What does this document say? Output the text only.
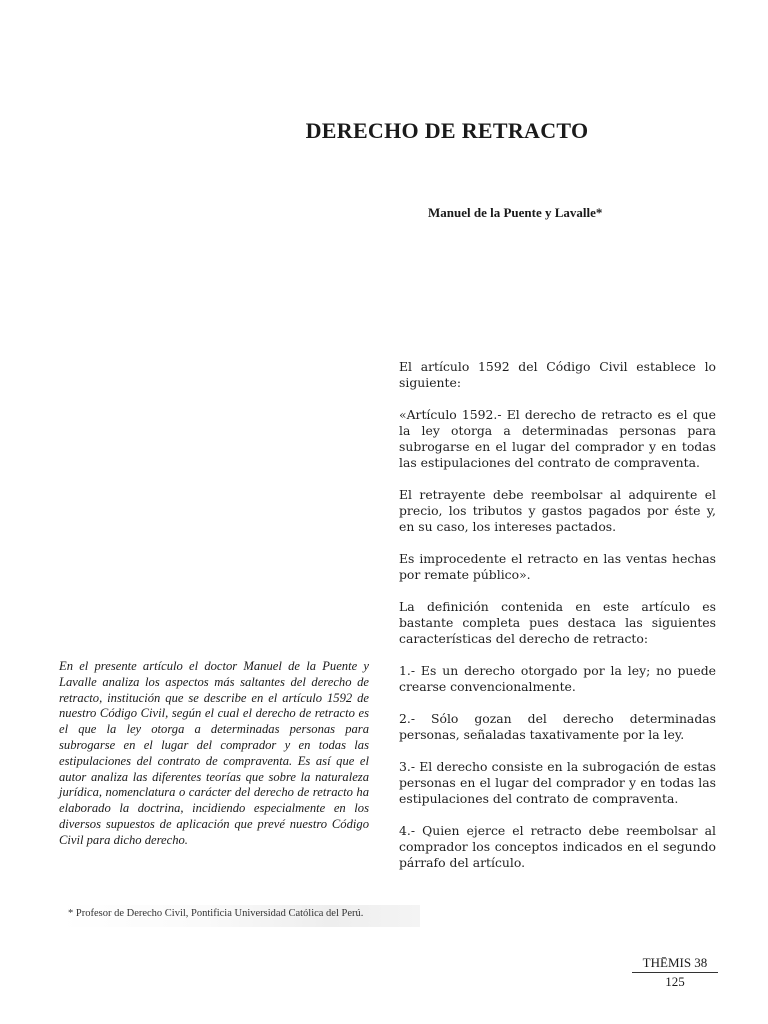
DERECHO DE RETRACTO
Manuel de la Puente y Lavalle*

El artículo 1592 del Código Civil establece lo siguiente:

«Artículo 1592.- El derecho de retracto es el que la ley otorga a determinadas personas para subrogarse en el lugar del comprador y en todas las estipulaciones del contrato de compraventa.

El retrayente debe reembolsar al adquirente el precio, los tributos y gastos pagados por éste y, en su caso, los intereses pactados.

Es improcedente el retracto en las ventas hechas por remate público».

La definición contenida en este artículo es bastante completa pues destaca las siguientes características del derecho de retracto:

1.- Es un derecho otorgado por la ley; no puede crearse convencionalmente.

2.- Sólo gozan del derecho determinadas personas, señaladas taxativamente por la ley.

3.- El derecho consiste en la subrogación de estas personas en el lugar del comprador y en todas las estipulaciones del contrato de compraventa.

4.- Quien ejerce el retracto debe reembolsar al comprador los conceptos indicados en el segundo párrafo del artículo.

En el presente artículo el doctor Manuel de la Puente y Lavalle analiza los aspectos más saltantes del derecho de retracto, institución que se describe en el artículo 1592 de nuestro Código Civil, según el cual el derecho de retracto es el que la ley otorga a determinadas personas para subrogarse en el lugar del comprador y en todas las estipulaciones del contrato de compraventa. Es así que el autor analiza las diferentes teorías que sobre la naturaleza jurídica, nomenclatura o carácter del derecho de retracto ha elaborado la doctrina, incidiendo especialmente en los diversos supuestos de aplicación que prevé nuestro Código Civil para dicho derecho.
* Profesor de Derecho Civil, Pontificia Universidad Católica del Perú.
THĒMIS 38
125
